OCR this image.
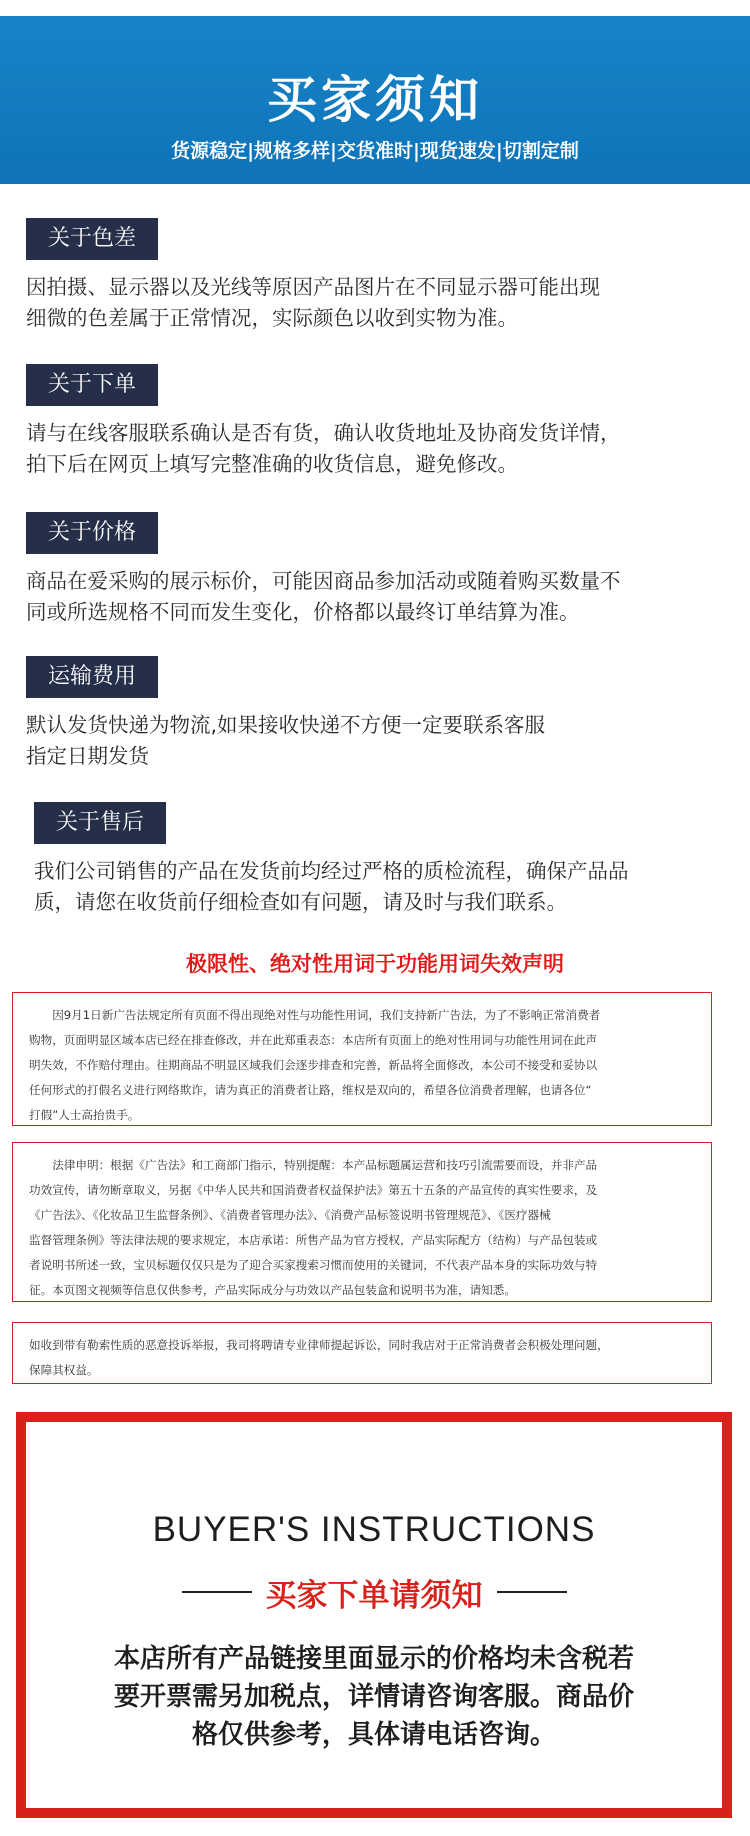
买家须知
货源稳定|规格多样|交货准时|现货速发|切割定制
关于色差
因拍摄、显示器以及光线等原因产品图片在不同显示器可能出现
细微的色差属于正常情况，实际颜色以收到实物为准。
关于下单
请与在线客服联系确认是否有货，确认收货地址及协商发货详情，
拍下后在网页上填写完整准确的收货信息，避免修改。
关于价格
商品在爱采购的展示标价，可能因商品参加活动或随着购买数量不
同或所选规格不同而发生变化，价格都以最终订单结算为准。
运输费用
默认发货快递为物流,如果接收快递不方便一定要联系客服
指定日期发货
关于售后
我们公司销售的产品在发货前均经过严格的质检流程，确保产品品
质，请您在收货前仔细检查如有问题，请及时与我们联系。
极限性、绝对性用词于功能用词失效声明
　　因9月1日新广告法规定所有页面不得出现绝对性与功能性用词，我们支持新广告法，为了不影响正常消费者
购物，页面明显区域本店已经在排查修改，并在此郑重表态：本店所有页面上的绝对性用词与功能性用词在此声
明失效，不作赔付理由。往期商品不明显区域我们会逐步排查和完善，新品将全面修改，本公司不接受和妥协以
任何形式的打假名义进行网络欺诈，请为真正的消费者让路，维权是双向的，希望各位消费者理解，也请各位“
打假”人士高抬贵手。
　　法律申明：根据《广告法》和工商部门指示，特别提醒：本产品标题属运营和技巧引流需要而设，并非产品
功效宣传，请勿断章取义，另据《中华人民共和国消费者权益保护法》第五十五条的产品宣传的真实性要求，及
《广告法》、《化妆品卫生监督条例》、《消费者管理办法》、《消费产品标签说明书管理规范》、《医疗器械
监督管理条例》等法律法规的要求规定，本店承诺：所售产品为官方授权，产品实际配方（结构）与产品包装或
者说明书所述一致，宝贝标题仅仅只是为了迎合买家搜索习惯而使用的关键词，不代表产品本身的实际功效与特
征。本页图文视频等信息仅供参考，产品实际成分与功效以产品包装盒和说明书为准，请知悉。
如收到带有勒索性质的恶意投诉举报，我司将聘请专业律师提起诉讼，同时我店对于正常消费者会积极处理问题，
保障其权益。
BUYER'S INSTRUCTIONS
买家下单请须知
本店所有产品链接里面显示的价格均未含税若
要开票需另加税点，详情请咨询客服。商品价
格仅供参考，具体请电话咨询。
